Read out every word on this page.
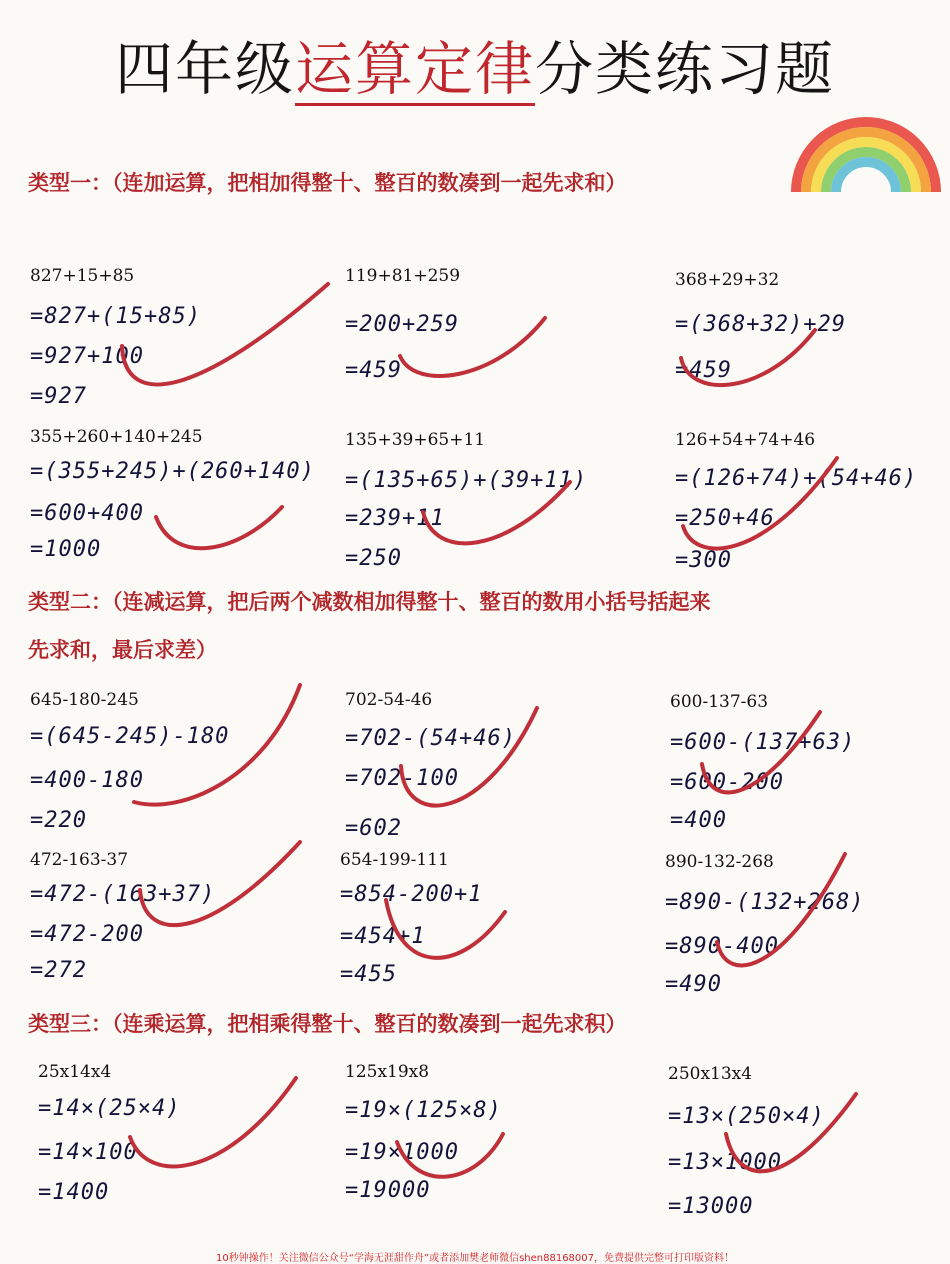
四年级运算定律分类练习题
类型一：（连加运算，把相加得整十、整百的数凑到一起先求和）
类型二：（连减运算，把后两个减数相加得整十、整百的数用小括号括起来
先求和，最后求差）
类型三：（连乘运算，把相乘得整十、整百的数凑到一起先求积）
827+15+85
=827+(15+85)
=927+100
=927
119+81+259
=200+259
=459
368+29+32
=(368+32)+29
=459
355+260+140+245
=(355+245)+(260+140)
=600+400
=1000
135+39+65+11
=(135+65)+(39+11)
=239+11
=250
126+54+74+46
=(126+74)+(54+46)
=250+46
=300
645-180-245
=(645-245)-180
=400-180
=220
702-54-46
=702-(54+46)
=702-100
=602
600-137-63
=600-(137+63)
=600-200
=400
472-163-37
=472-(163+37)
=472-200
=272
654-199-111
=854-200+1
=454+1
=455
890-132-268
=890-(132+268)
=890-400
=490
25x14x4
=14×(25×4)
=14×100
=1400
125x19x8
=19×(125×8)
=19×1000
=19000
250x13x4
=13×(250×4)
=13×1000
=13000
10秒钟操作！关注微信公众号“学海无涯甜作舟”或者添加樊老师微信shen88168007，免费提供完整可打印版资料！
